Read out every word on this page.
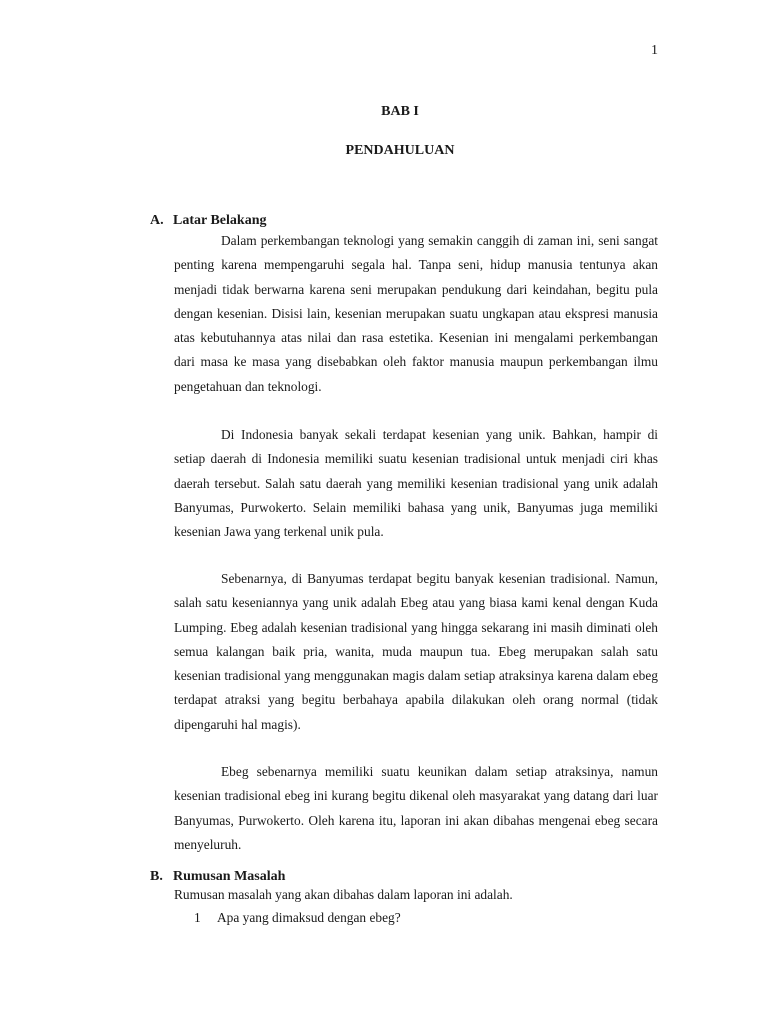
1
BAB I
PENDAHULUAN
A. Latar Belakang

Dalam perkembangan teknologi yang semakin canggih di zaman ini, seni sangat penting karena mempengaruhi segala hal. Tanpa seni, hidup manusia tentunya akan menjadi tidak berwarna karena seni merupakan pendukung dari keindahan, begitu pula dengan kesenian. Disisi lain, kesenian merupakan suatu ungkapan atau ekspresi manusia atas kebutuhannya atas nilai dan rasa estetika. Kesenian ini mengalami perkembangan dari masa ke masa yang disebabkan oleh faktor manusia maupun perkembangan ilmu pengetahuan dan teknologi.

Di Indonesia banyak sekali terdapat kesenian yang unik. Bahkan, hampir di setiap daerah di Indonesia memiliki suatu kesenian tradisional untuk menjadi ciri khas daerah tersebut. Salah satu daerah yang memiliki kesenian tradisional yang unik adalah Banyumas, Purwokerto. Selain memiliki bahasa yang unik, Banyumas juga memiliki kesenian Jawa yang terkenal unik pula.

Sebenarnya, di Banyumas terdapat begitu banyak kesenian tradisional. Namun, salah satu keseniannya yang unik adalah Ebeg atau yang biasa kami kenal dengan Kuda Lumping. Ebeg adalah kesenian tradisional yang hingga sekarang ini masih diminati oleh semua kalangan baik pria, wanita, muda maupun tua. Ebeg merupakan salah satu kesenian tradisional yang menggunakan magis dalam setiap atraksinya karena dalam ebeg terdapat atraksi yang begitu berbahaya apabila dilakukan oleh orang normal (tidak dipengaruhi hal magis).

Ebeg sebenarnya memiliki suatu keunikan dalam setiap atraksinya, namun kesenian tradisional ebeg ini kurang begitu dikenal oleh masyarakat yang datang dari luar Banyumas, Purwokerto. Oleh karena itu, laporan ini akan dibahas mengenai ebeg secara menyeluruh.

B. Rumusan Masalah
Rumusan masalah yang akan dibahas dalam laporan ini adalah.
1 Apa yang dimaksud dengan ebeg?
